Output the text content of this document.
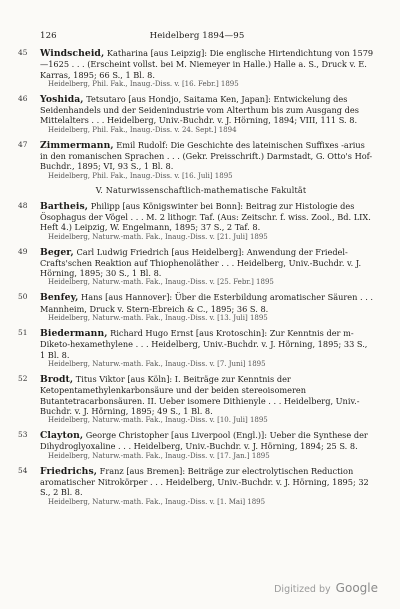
126	Heidelberg 1894—95
45	Windscheid, Katharina [aus Leipzig]: Die englische Hirtendichtung von 1579—1625 . . . (Erscheint vollst. bei M. Niemeyer in Halle.) Halle a. S., Druck v. E. Karras, 1895; 66 S., 1 Bl. 8.
Heidelberg, Phil. Fak., Inaug.-Diss. v. [16. Febr.] 1895
46	Yoshida, Tetsutaro [aus Hondjo, Saitama Ken, Japan]: Entwickelung des Seidenhandels und der Seidenindustrie vom Alterthum bis zum Ausgang des Mittelalters . . . Heidelberg, Univ.-Buchdr. v. J. Hörning, 1894; VIII, 111 S. 8.
Heidelberg, Phil. Fak., Inaug.-Diss. v. 24. Sept.] 1894
47	Zimmermann, Emil Rudolf: Die Geschichte des lateinischen Suffixes -arius in den romanischen Sprachen . . . (Gekr. Preisschrift.) Darmstadt, G. Otto's Hof-Buchdr., 1895; VI, 93 S., 1 Bl. 8.
Heidelberg, Phil. Fak., Inaug.-Diss. v. [16. Juli] 1895
V. Naturwissenschaftlich-mathematische Fakultät
48	Bartheis, Philipp [aus Königswinter bei Bonn]: Beitrag zur Histologie des Ösophagus der Vögel . . . M. 2 lithogr. Taf. (Aus: Zeitschr. f. wiss. Zool., Bd. LIX. Heft 4.) Leipzig, W. Engelmann, 1895; 37 S., 2 Taf. 8.
Heidelberg, Naturw.-math. Fak., Inaug.-Diss. v. [21. Juli] 1895
49	Beger, Carl Ludwig Friedrich [aus Heidelberg]: Anwendung der Friedel-Crafts'schen Reaktion auf Thiophenoläther . . . Heidelberg, Univ.-Buchdr. v. J. Hörning, 1895; 30 S., 1 Bl. 8.
Heidelberg, Naturw.-math. Fak., Inaug.-Diss. v. [25. Febr.] 1895
50	Benfey, Hans [aus Hannover]: Über die Esterbildung aromatischer Säuren . . . Mannheim, Druck v. Stern-Ebreich & C., 1895; 36 S. 8.
Heidelberg, Naturw.-math. Fak., Inaug.-Diss. v. [13. Juli] 1895
51	Biedermann, Richard Hugo Ernst [aus Krotoschin]: Zur Kenntnis der m-Diketo-hexamethylene . . . Heidelberg, Univ.-Buchdr. v. J. Hörning, 1895; 33 S., 1 Bl. 8.
Heidelberg, Naturw.-math. Fak., Inaug.-Diss. v. [7. Juni] 1895
52	Brodt, Titus Viktor [aus Köln]: I. Beiträge zur Kenntnis der Ketopentamethylenkarbonsäure und der beiden stereoisomeren Butantetracarbonsäuren. II. Ueber isomere Dithienyle . . . Heidelberg, Univ.-Buchdr. v. J. Hörning, 1895; 49 S., 1 Bl. 8.
Heidelberg, Naturw.-math. Fak., Inaug.-Diss. v. [10. Juli] 1895
53	Clayton, George Christopher [aus Liverpool (Engl.)]: Ueber die Synthese der Dihydroglyoxaline . . . Heidelberg, Univ.-Buchdr. v. J. Hörning, 1894; 25 S. 8.
Heidelberg, Naturw.-math. Fak., Inaug.-Diss. v. [17. Jan.] 1895
54	Friedrichs, Franz [aus Bremen]: Beiträge zur electrolytischen Reduction aromatischer Nitrokörper . . . Heidelberg, Univ.-Buchdr. v. J. Hörning, 1895; 32 S., 2 Bl. 8.
Heidelberg, Naturw.-math. Fak., Inaug.-Diss. v. [1. Mai] 1895
Digitized by Google
